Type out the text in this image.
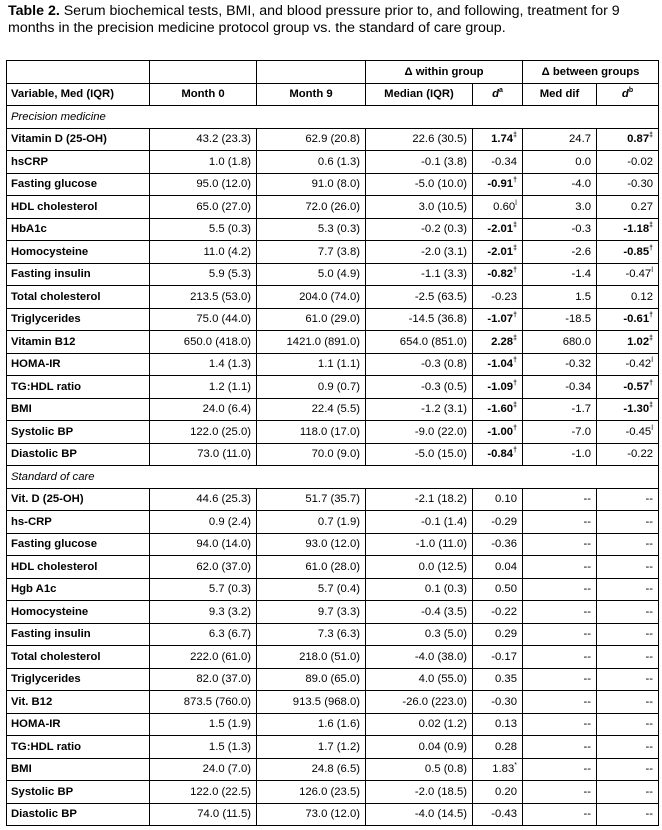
Table 2. Serum biochemical tests, BMI, and blood pressure prior to, and following, treatment for 9 months in the precision medicine protocol group vs. the standard of care group.
			Δ within group		Δ between groups	
Variable, Med (IQR)	Month 0	Month 9	Median (IQR)	$d^a$	Med dif	$d^b$
Precision medicine						
Vitamin D (25-OH)	43.2 (23.3)	62.9 (20.8)	22.6 (30.5)	1.74‡	24.7	0.87‡
hsCRP	1.0 (1.8)	0.6 (1.3)	-0.1 (3.8)	-0.34	0.0	-0.02
Fasting glucose	95.0 (12.0)	91.0 (8.0)	-5.0 (10.0)	-0.91†	-4.0	-0.30
HDL cholesterol	65.0 (27.0)	72.0 (26.0)	3.0 (10.5)	$0.60^ǀ$	3.0	0.27
HbA1c	5.5 (0.3)	5.3 (0.3)	-0.2 (0.3)	-2.01‡	-0.3	-1.18‡
Homocysteine	11.0 (4.2)	7.7 (3.8)	-2.0 (3.1)	-2.01‡	-2.6	-0.85†
Fasting insulin	5.9 (5.3)	5.0 (4.9)	-1.1 (3.3)	-0.82†	-1.4	$-0.47^ǀ$
Total cholesterol	213.5 (53.0)	204.0 (74.0)	-2.5 (63.5)	-0.23	1.5	0.12
Triglycerides	75.0 (44.0)	61.0 (29.0)	-14.5 (36.8)	-1.07†	-18.5	-0.61†
Vitamin B12	650.0 (418.0)	1421.0 (891.0)	654.0 (851.0)	2.28‡	680.0	1.02‡
HOMA-IR	1.4 (1.3)	1.1 (1.1)	-0.3 (0.8)	-1.04†	-0.32	$-0.42^ǀ$
TG:HDL ratio	1.2 (1.1)	0.9 (0.7)	-0.3 (0.5)	-1.09†	-0.34	-0.57†
BMI	24.0 (6.4)	22.4 (5.5)	-1.2 (3.1)	-1.60‡	-1.7	-1.30‡
Systolic BP	122.0 (25.0)	118.0 (17.0)	-9.0 (22.0)	-1.00†	-7.0	$-0.45^ǀ$
Diastolic BP	73.0 (11.0)	70.0 (9.0)	-5.0 (15.0)	-0.84†	-1.0	-0.22
Standard of care						
Vit. D (25-OH)	44.6 (25.3)	51.7 (35.7)	-2.1 (18.2)	0.10	--	--
hs-CRP	0.9 (2.4)	0.7 (1.9)	-0.1 (1.4)	-0.29	--	--
Fasting glucose	94.0 (14.0)	93.0 (12.0)	-1.0 (11.0)	-0.36	--	--
HDL cholesterol	62.0 (37.0)	61.0 (28.0)	0.0 (12.5)	0.04	--	--
Hgb A1c	5.7 (0.3)	5.7 (0.4)	0.1 (0.3)	0.50	--	--
Homocysteine	9.3 (3.2)	9.7 (3.3)	-0.4 (3.5)	-0.22	--	--
Fasting insulin	6.3 (6.7)	7.3 (6.3)	0.3 (5.0)	0.29	--	--
Total cholesterol	222.0 (61.0)	218.0 (51.0)	-4.0 (38.0)	-0.17	--	--
Triglycerides	82.0 (37.0)	89.0 (65.0)	4.0 (55.0)	0.35	--	--
Vit. B12	873.5 (760.0)	913.5 (968.0)	-26.0 (223.0)	-0.30	--	--
HOMA-IR	1.5 (1.9)	1.6 (1.6)	0.02 (1.2)	0.13	--	--
TG:HDL ratio	1.5 (1.3)	1.7 (1.2)	0.04 (0.9)	0.28	--	--
BMI	24.0 (7.0)	24.8 (6.5)	0.5 (0.8)	1.83*	--	--
Systolic BP	122.0 (22.5)	126.0 (23.5)	-2.0 (18.5)	0.20	--	--
Diastolic BP	74.0 (11.5)	73.0 (12.0)	-4.0 (14.5)	-0.43	--	--
